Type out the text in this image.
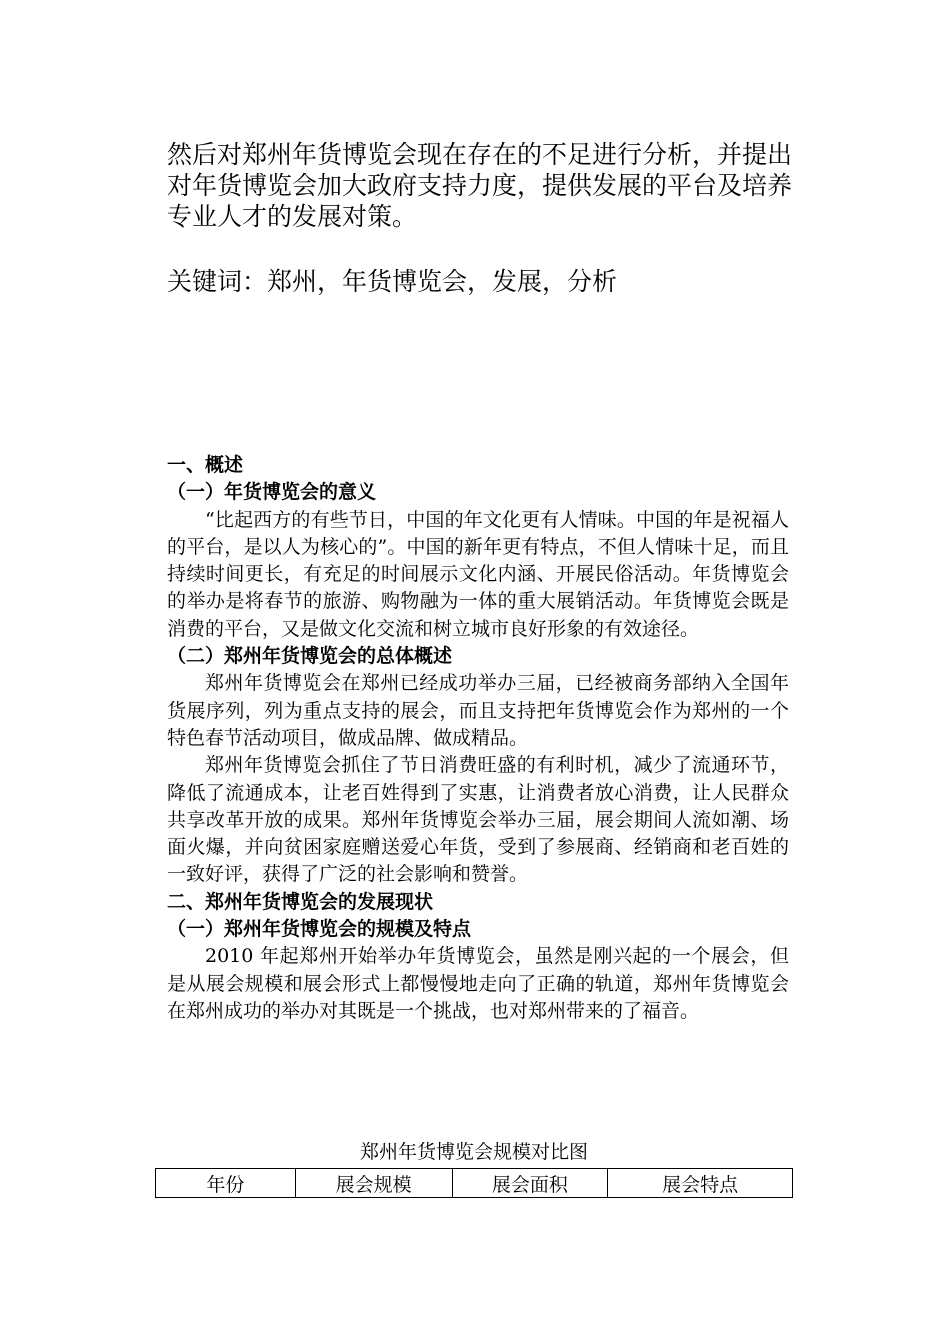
然后对郑州年货博览会现在存在的不足进行分析，并提出对年货博览会加大政府支持力度，提供发展的平台及培养专业人才的发展对策。

关键词：郑州，年货博览会，发展，分析

一、概述
（一）年货博览会的意义

“比起西方的有些节日，中国的年文化更有人情味。中国的年是祝福人的平台，是以人为核心的”。中国的新年更有特点，不但人情味十足，而且持续时间更长，有充足的时间展示文化内涵、开展民俗活动。年货博览会的举办是将春节的旅游、购物融为一体的重大展销活动。年货博览会既是消费的平台，又是做文化交流和树立城市良好形象的有效途径。

（二）郑州年货博览会的总体概述

郑州年货博览会在郑州已经成功举办三届，已经被商务部纳入全国年货展序列，列为重点支持的展会，而且支持把年货博览会作为郑州的一个特色春节活动项目，做成品牌、做成精品。

郑州年货博览会抓住了节日消费旺盛的有利时机，减少了流通环节，降低了流通成本，让老百姓得到了实惠，让消费者放心消费，让人民群众共享改革开放的成果。郑州年货博览会举办三届，展会期间人流如潮、场面火爆，并向贫困家庭赠送爱心年货，受到了参展商、经销商和老百姓的一致好评，获得了广泛的社会影响和赞誉。

二、郑州年货博览会的发展现状
（一）郑州年货博览会的规模及特点

2010 年起郑州开始举办年货博览会，虽然是刚兴起的一个展会，但是从展会规模和展会形式上都慢慢地走向了正确的轨道，郑州年货博览会在郑州成功的举办对其既是一个挑战，也对郑州带来的了福音。

郑州年货博览会规模对比图
年份	展会规模	展会面积	展会特点
